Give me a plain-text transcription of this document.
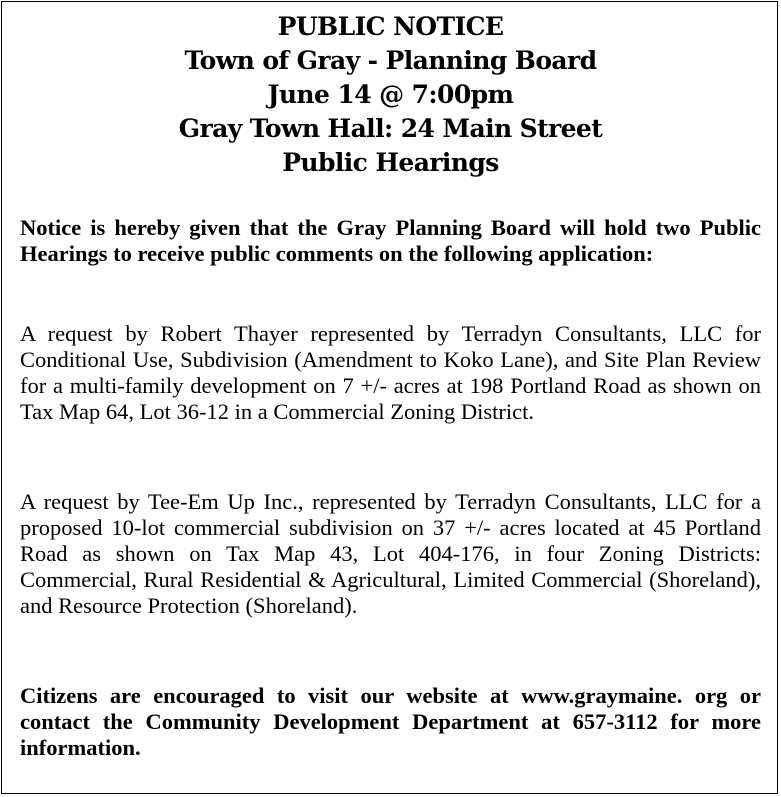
PUBLIC NOTICE
Town of Gray - Planning Board
June 14 @ 7:00pm
Gray Town Hall: 24 Main Street
Public Hearings
Notice is hereby given that the Gray Planning Board will hold two Public Hearings to receive public comments on the following application:
A request by Robert Thayer represented by Terradyn Consultants, LLC for Conditional Use, Subdivision (Amendment to Koko Lane), and Site Plan Review for a multi-family development on 7 +/- acres at 198 Portland Road as shown on Tax Map 64, Lot 36-12 in a Commercial Zoning District.
A request by Tee-Em Up Inc., represented by Terradyn Consultants, LLC for a proposed 10-lot commercial subdivision on 37 +/- acres located at 45 Portland Road as shown on Tax Map 43, Lot 404-176, in four Zoning Districts: Commercial, Rural Residential & Agricultural, Limited Commercial (Shoreland), and Resource Protection (Shoreland).
Citizens are encouraged to visit our website at www.graymaine. org or contact the Community Development Department at 657-3112 for more information.
